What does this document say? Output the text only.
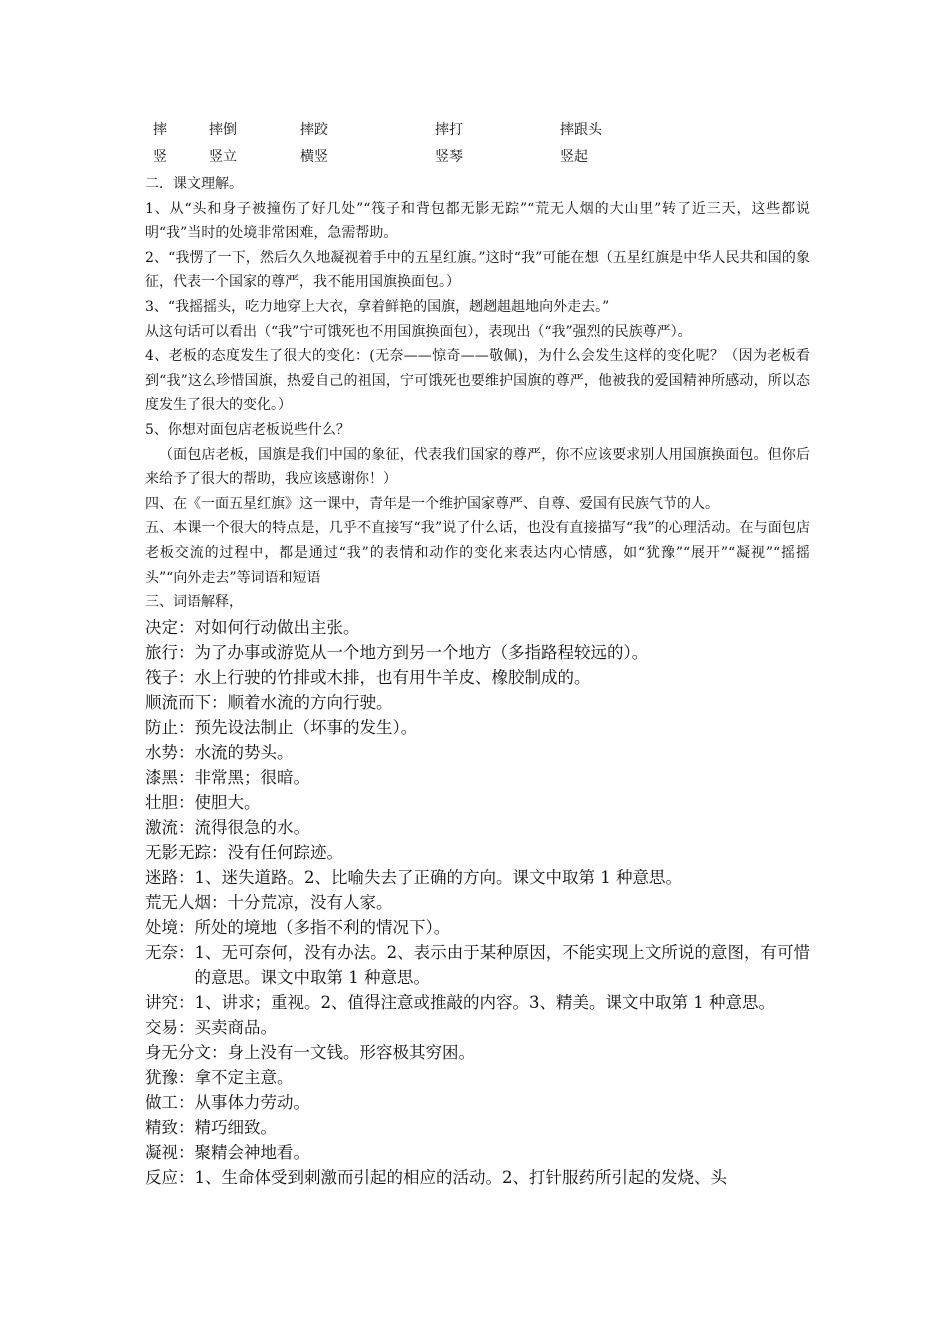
摔	摔倒	摔跤	摔打	摔跟头
竖	竖立	横竖	竖琴	竖起

二．课文理解。

1、从“头和身子被撞伤了好几处”“筏子和背包都无影无踪”“荒无人烟的大山里”转了近三天，这些都说明“我”当时的处境非常困难，急需帮助。

2、“我愣了一下，然后久久地凝视着手中的五星红旗。”这时“我”可能在想（五星红旗是中华人民共和国的象征，代表一个国家的尊严，我不能用国旗换面包。）

3、“我摇摇头，吃力地穿上大衣，拿着鲜艳的国旗，趔趔趄趄地向外走去。”

从这句话可以看出（“我”宁可饿死也不用国旗换面包），表现出（“我”强烈的民族尊严）。

4、老板的态度发生了很大的变化：(无奈——惊奇——敬佩)，为什么会发生这样的变化呢？（因为老板看到“我”这么珍惜国旗，热爱自己的祖国，宁可饿死也要维护国旗的尊严，他被我的爱国精神所感动，所以态度发生了很大的变化。）

5、你想对面包店老板说些什么？

（面包店老板，国旗是我们中国的象征，代表我们国家的尊严，你不应该要求别人用国旗换面包。但你后来给予了很大的帮助，我应该感谢你！）

四、在《一面五星红旗》这一课中，青年是一个维护国家尊严、自尊、爱国有民族气节的人。

五、本课一个很大的特点是，几乎不直接写“我”说了什么话，也没有直接描写“我”的心理活动。在与面包店老板交流的过程中，都是通过“我”的表情和动作的变化来表达内心情感，如“犹豫”“展开”“凝视”“摇摇头”“向外走去”等词语和短语

三、词语解释，

决定： 对如何行动做出主张。
旅行： 为了办事或游览从一个地方到另一个地方（多指路程较远的）。
筏子： 水上行驶的竹排或木排，也有用牛羊皮、橡胶制成的。
顺流而下： 顺着水流的方向行驶。
防止： 预先设法制止（坏事的发生）。
水势： 水流的势头。
漆黑： 非常黑；很暗。
壮胆： 使胆大。
激流： 流得很急的水。
无影无踪： 没有任何踪迹。
迷路： 1、迷失道路。2、比喻失去了正确的方向。课文中取第 1 种意思。
荒无人烟： 十分荒凉，没有人家。
处境： 所处的境地（多指不利的情况下）。
无奈： 1、无可奈何，没有办法。2、表示由于某种原因，不能实现上文所说的意图，有可惜的意思。课文中取第 1 种意思。
讲究： 1、讲求；重视。2、值得注意或推敲的内容。3、精美。课文中取第 1 种意思。
交易： 买卖商品。
身无分文： 身上没有一文钱。形容极其穷困。
犹豫： 拿不定主意。
做工： 从事体力劳动。
精致： 精巧细致。
凝视： 聚精会神地看。
反应： 1、生命体受到刺激而引起的相应的活动。2、打针服药所引起的发烧、头
